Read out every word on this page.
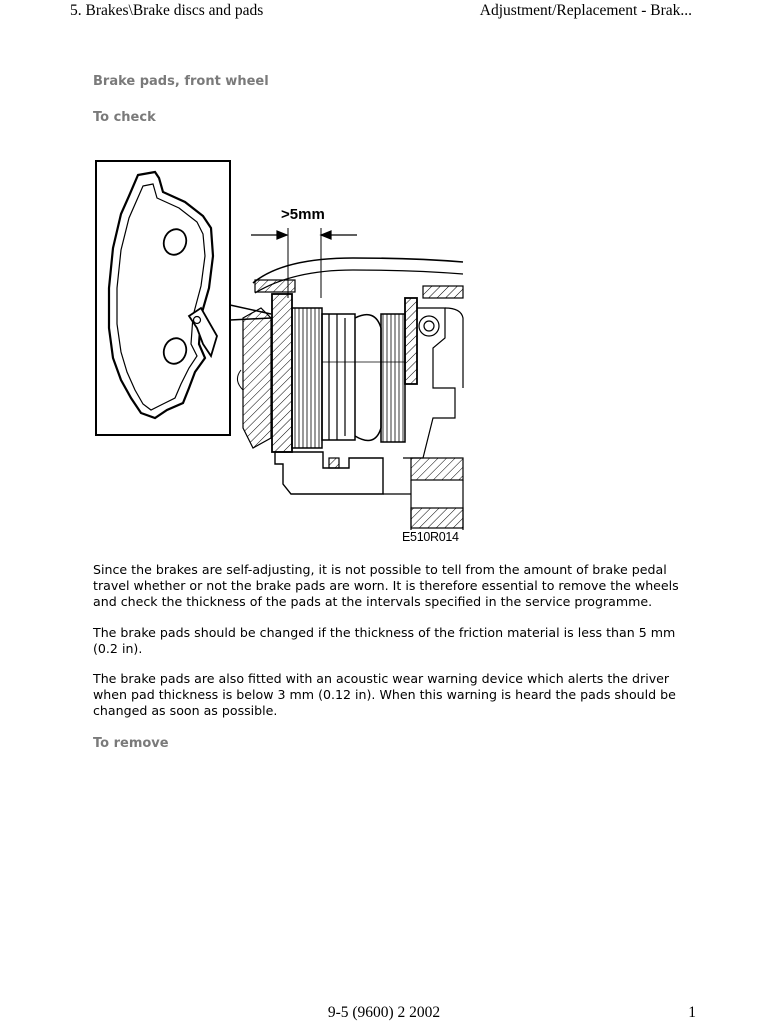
5. Brakes\Brake discs and pads	Adjustment/Replacement - Brak...
Brake pads, front wheel
To check
>5mm
E510R014

Since the brakes are self-adjusting, it is not possible to tell from the amount of brake pedal travel whether or not the brake pads are worn. It is therefore essential to remove the wheels and check the thickness of the pads at the intervals specified in the service programme.

The brake pads should be changed if the thickness of the friction material is less than 5 mm (0.2 in).

The brake pads are also fitted with an acoustic wear warning device which alerts the driver when pad thickness is below 3 mm (0.12 in). When this warning is heard the pads should be changed as soon as possible.

To remove
9-5 (9600) 2 2002	1
